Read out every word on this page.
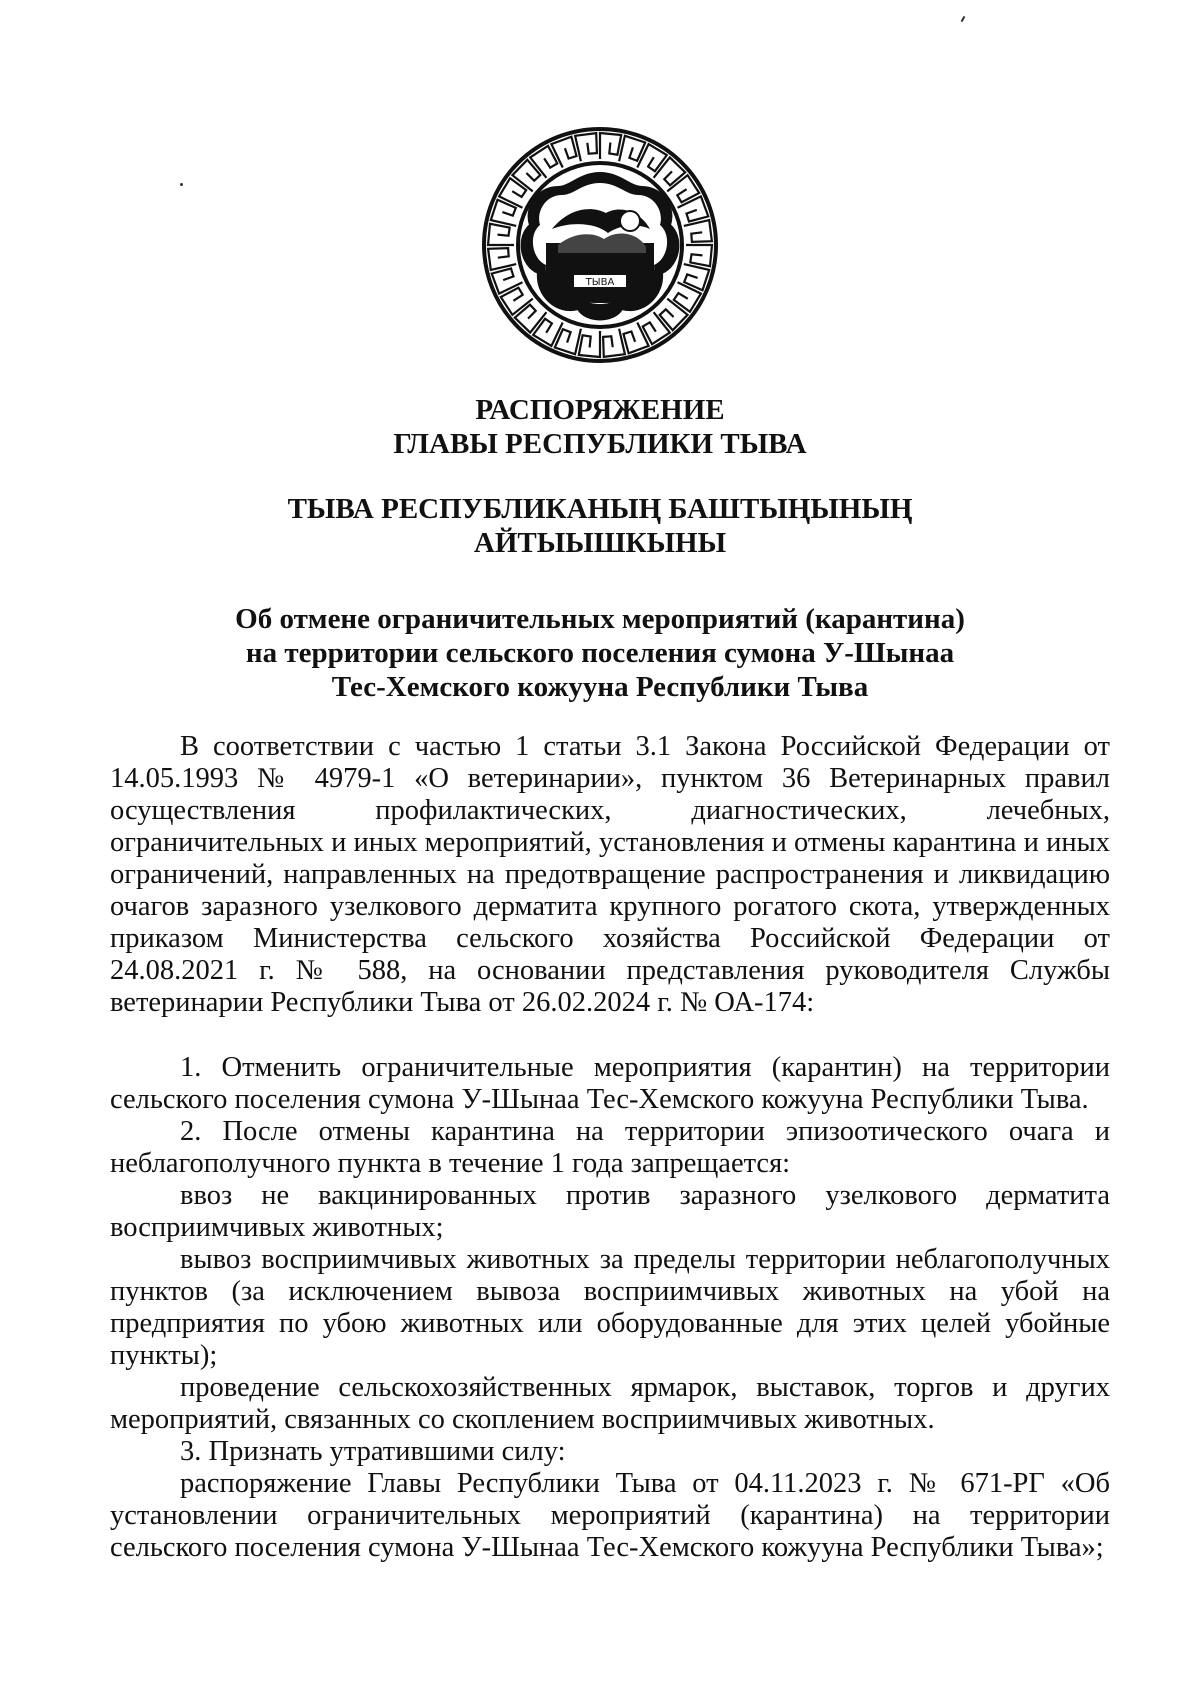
ТЫВА
РАСПОРЯЖЕНИЕ
ГЛАВЫ РЕСПУБЛИКИ ТЫВА
ТЫВА РЕСПУБЛИКАНЫҢ БАШТЫҢЫНЫҢ
АЙТЫЫШКЫНЫ
Об отмене ограничительных мероприятий (карантина)
на территории сельского поселения сумона У-Шынаа
Тес-Хемского кожууна Республики Тыва

В соответствии с частью 1 статьи 3.1 Закона Российской Федерации от 14.05.1993 № 4979-1 «О ветеринарии», пунктом 36 Ветеринарных правил осуществления профилактических, диагностических, лечебных, ограничительных и иных мероприятий, установления и отмены карантина и иных ограничений, направленных на предотвращение распространения и ликвидацию очагов заразного узелкового дерматита крупного рогатого скота, утвержденных приказом Министерства сельского хозяйства Российской Федерации от 24.08.2021 г. № 588, на основании представления руководителя Службы ветеринарии Республики Тыва от 26.02.2024 г. № ОА-174:

1. Отменить ограничительные мероприятия (карантин) на территории сельского поселения сумона У-Шынаа Тес-Хемского кожууна Республики Тыва.

2. После отмены карантина на территории эпизоотического очага и неблагополучного пункта в течение 1 года запрещается:

ввоз не вакцинированных против заразного узелкового дерматита восприимчивых животных;

вывоз восприимчивых животных за пределы территории неблагополучных пунктов (за исключением вывоза восприимчивых животных на убой на предприятия по убою животных или оборудованные для этих целей убойные пункты);

проведение сельскохозяйственных ярмарок, выставок, торгов и других мероприятий, связанных со скоплением восприимчивых животных.

3. Признать утратившими силу:

распоряжение Главы Республики Тыва от 04.11.2023 г. № 671-РГ «Об установлении ограничительных мероприятий (карантина) на территории сельского поселения сумона У-Шынаа Тес-Хемского кожууна Республики Тыва»;
